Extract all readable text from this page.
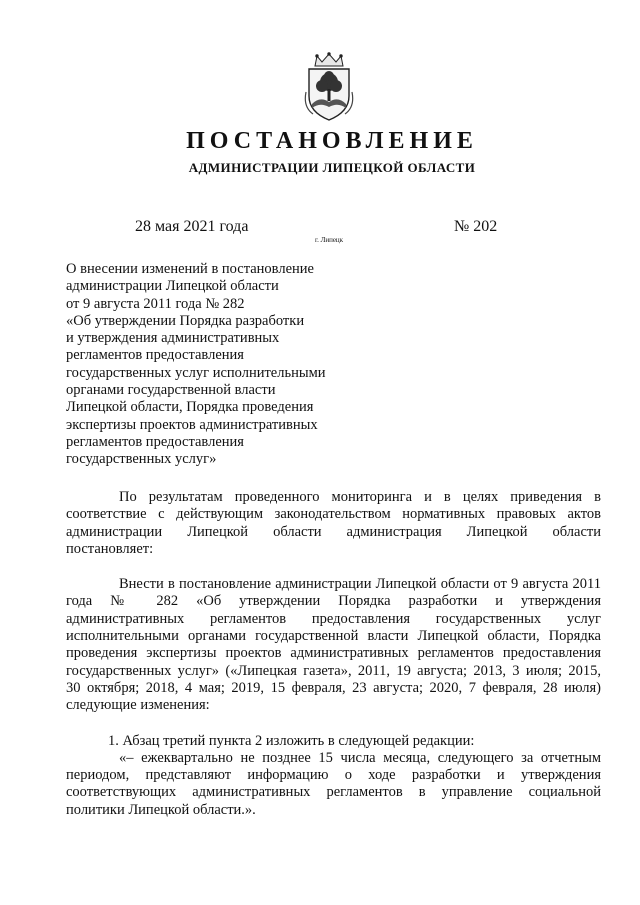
ПОСТАНОВЛЕНИЕ
АДМИНИСТРАЦИИ ЛИПЕЦКОЙ ОБЛАСТИ
28 мая 2021 года
г. Липецк
№ 202
О внесении изменений в постановление
администрации Липецкой области
от 9 августа 2011 года № 282
«Об утверждении Порядка разработки
и утверждения административных
регламентов предоставления
государственных услуг исполнительными
органами государственной власти
Липецкой области, Порядка проведения
экспертизы проектов административных
регламентов предоставления
государственных услуг»
По результатам проведенного мониторинга и в целях приведения в
соответствие с действующим законодательством нормативных правовых актов
администрации Липецкой области администрация Липецкой области
постановляет:
Внести в постановление администрации Липецкой области от 9 августа 2011
года № 282 «Об утверждении Порядка разработки и утверждения
административных регламентов предоставления государственных услуг
исполнительными органами государственной власти Липецкой области, Порядка
проведения экспертизы проектов административных регламентов предоставления
государственных услуг» («Липецкая газета», 2011, 19 августа; 2013, 3 июля; 2015,
30 октября; 2018, 4 мая; 2019, 15 февраля, 23 августа; 2020, 7 февраля, 28 июля)
следующие изменения:
1. Абзац третий пункта 2 изложить в следующей редакции:
«– ежеквартально не позднее 15 числа месяца, следующего за отчетным
периодом, представляют информацию о ходе разработки и утверждения
соответствующих административных регламентов в управление социальной
политики Липецкой области.».
